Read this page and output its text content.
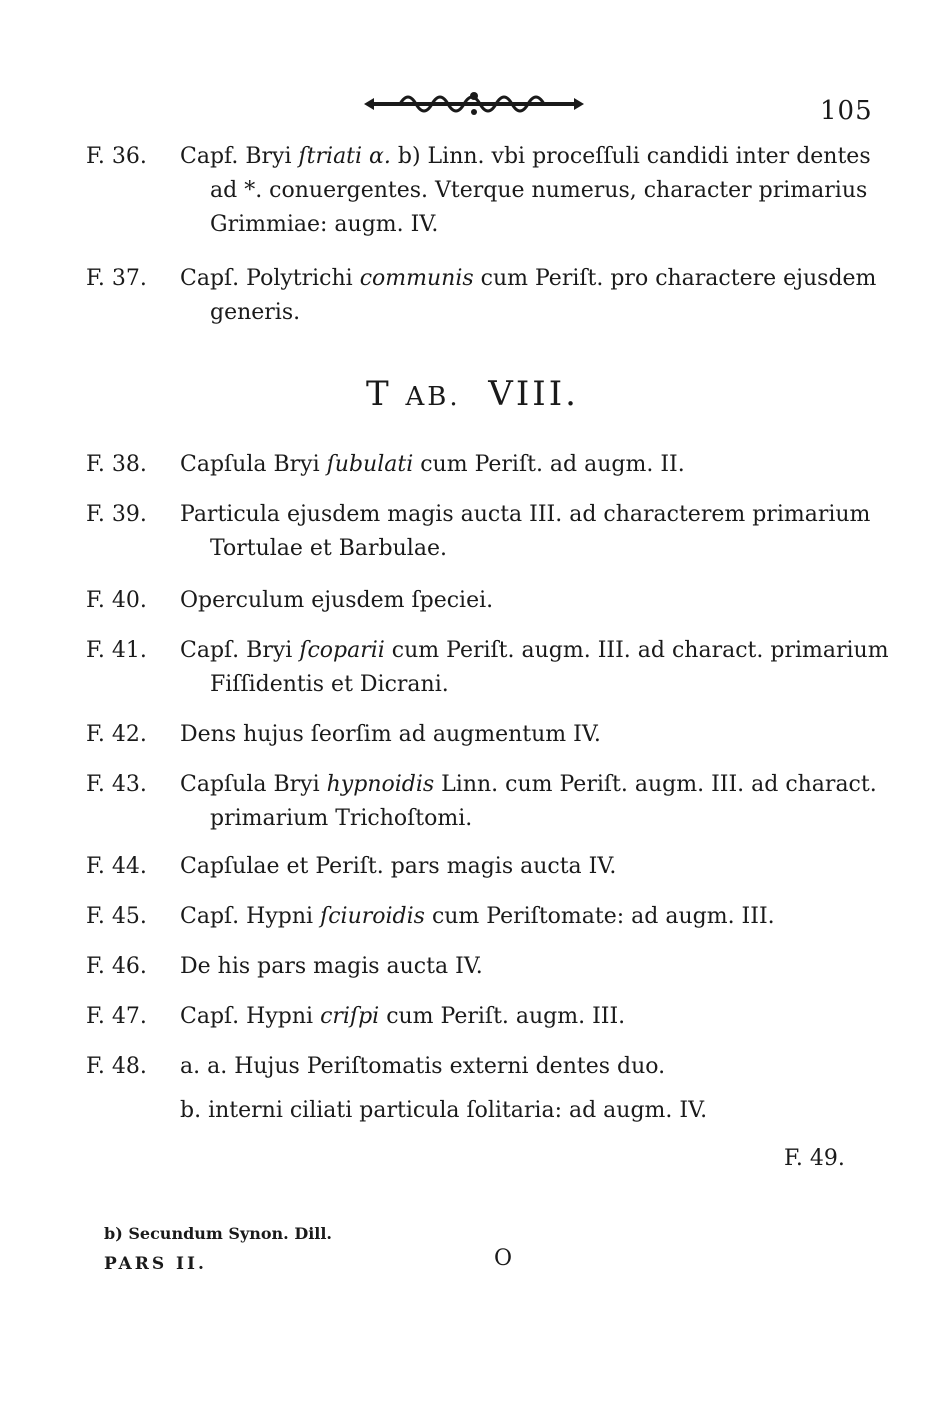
105
F. 36.	Capf. Bryi ſtriati α. b) Linn. vbi proceſſuli candidi inter dentes
ad *. conuergentes. Vterque numerus, character primarius
Grimmiae: augm. IV.
F. 37.	Capſ. Polytrichi communis cum Periſt. pro charactere ejusdem
generis.
T AB. VIII.
F. 38.	Capſula Bryi ſubulati cum Periſt. ad augm. II.
F. 39.	Particula ejusdem magis aucta III. ad characterem primarium
Tortulae et Barbulae.
F. 40.	Operculum ejusdem ſpeciei.
F. 41.	Capſ. Bryi ſcoparii cum Periſt. augm. III. ad charact. primarium
Fiſſidentis et Dicrani.
F. 42.	Dens hujus ſeorſim ad augmentum IV.
F. 43.	Capſula Bryi hypnoidis Linn. cum Periſt. augm. III. ad charact.
primarium Trichoſtomi.
F. 44.	Capſulae et Periſt. pars magis aucta IV.
F. 45.	Capſ. Hypni ſciuroidis cum Periſtomate: ad augm. III.
F. 46.	De his pars magis aucta IV.
F. 47.	Capſ. Hypni criſpi cum Periſt. augm. III.
F. 48.	a. a. Hujus Periſtomatis externi dentes duo.
b. interni ciliati particula ſolitaria: ad augm. IV.
F. 49.
b) Secundum Synon. Dill.
PARS II.	O
